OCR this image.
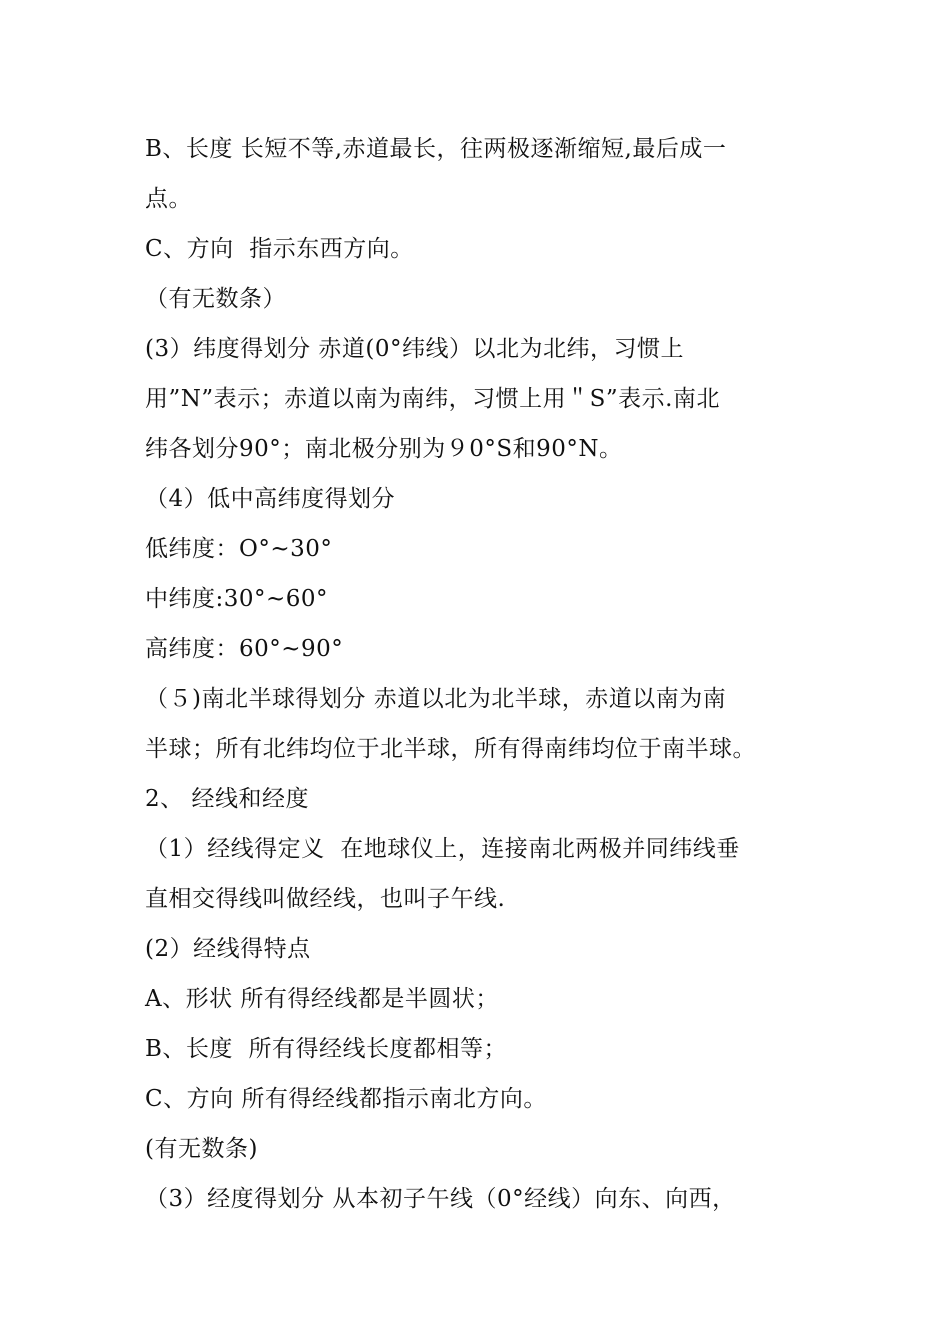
B、长度 长短不等,赤道最长，往两极逐渐缩短,最后成一
点。
C、方向  指示东西方向。
（有无数条）
(3）纬度得划分 赤道(0°纬线）以北为北纬，习惯上
用”N”表示；赤道以南为南纬，习惯上用＂S”表示.南北
纬各划分90°；南北极分别为９0°S和90°N。
（4）低中高纬度得划分
低纬度：O°~30°
中纬度:30°~60°
高纬度：60°~90°
（５)南北半球得划分 赤道以北为北半球，赤道以南为南
半球；所有北纬均位于北半球，所有得南纬均位于南半球。
2、 经线和经度
（1）经线得定义  在地球仪上，连接南北两极并同纬线垂
直相交得线叫做经线，也叫子午线.
(2）经线得特点
A、形状 所有得经线都是半圆状；
B、长度  所有得经线长度都相等；
C、方向 所有得经线都指示南北方向。
(有无数条)
（3）经度得划分 从本初子午线（0°经线）向东、向西，
